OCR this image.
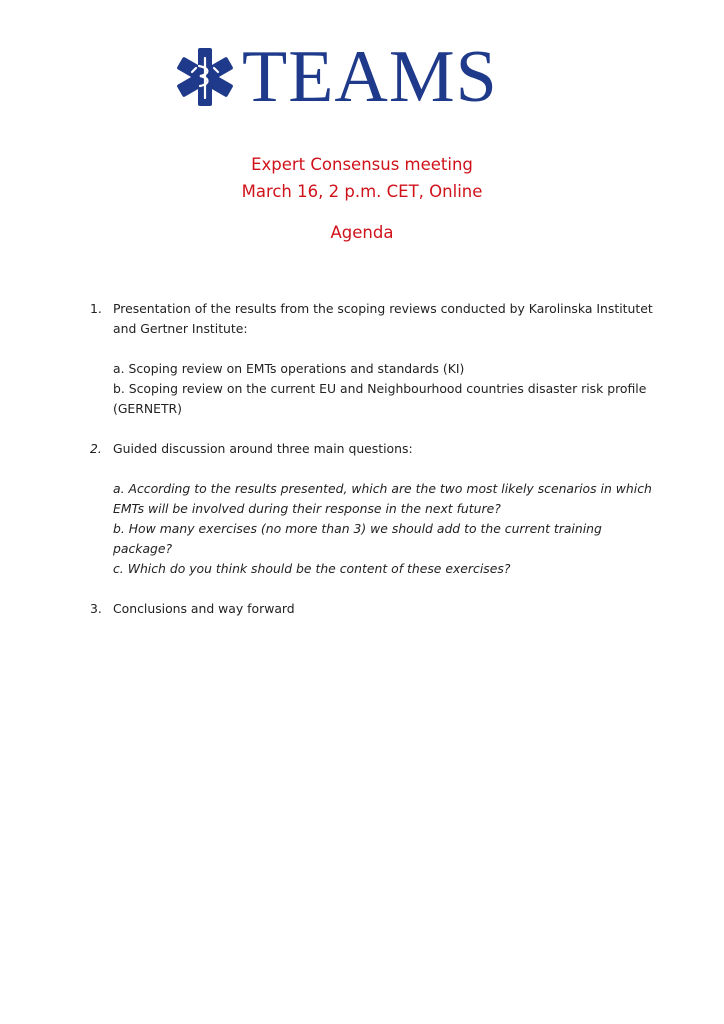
TEAMS
Expert Consensus meeting
March 16, 2 p.m. CET, Online
Agenda
1. Presentation of the results from the scoping reviews conducted by Karolinska Institutet and Gertner Institute:
a. Scoping review on EMTs operations and standards (KI)
b. Scoping review on the current EU and Neighbourhood countries disaster risk profile (GERNETR)
2. Guided discussion around three main questions:
a. According to the results presented, which are the two most likely scenarios in which EMTs will be involved during their response in the next future?
b. How many exercises (no more than 3) we should add to the current training package?
c. Which do you think should be the content of these exercises?
3. Conclusions and way forward
